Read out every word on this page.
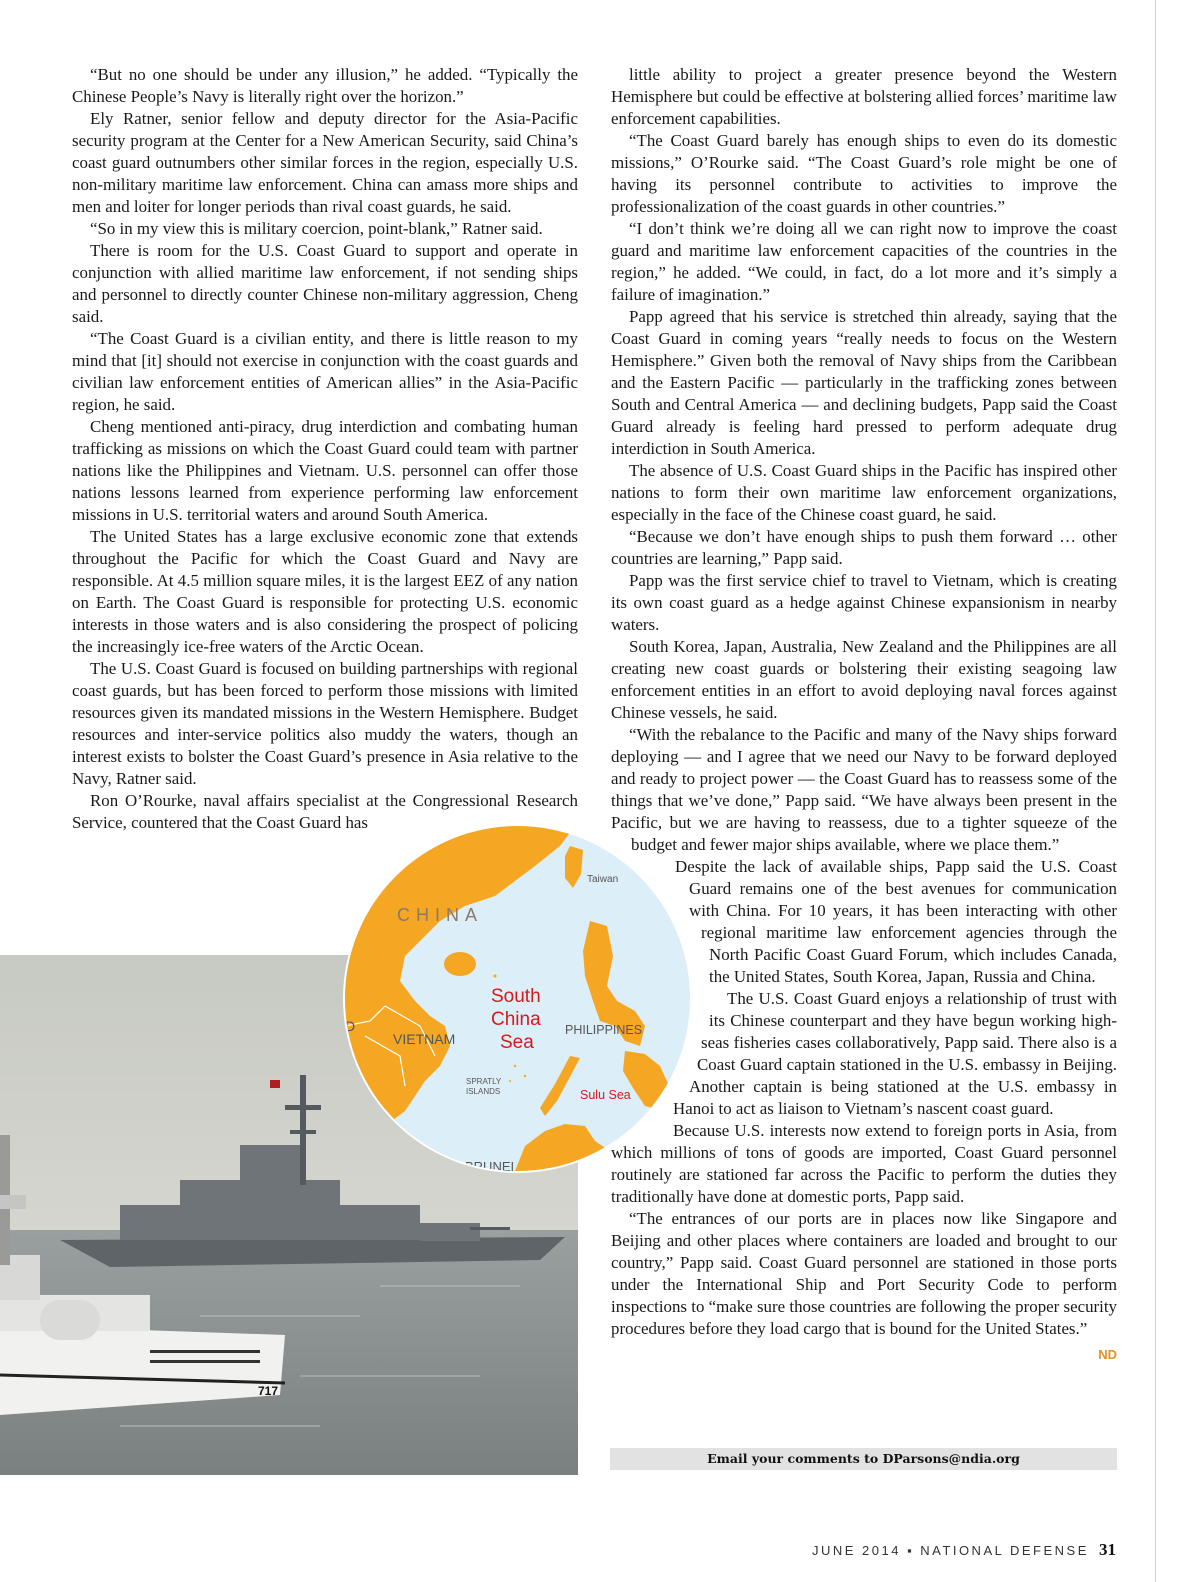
“But no one should be under any illusion,” he added. “Typically the Chinese People’s Navy is literally right over the horizon.”

Ely Ratner, senior fellow and deputy director for the Asia-Pacific security program at the Center for a New American Security, said China’s coast guard outnumbers other similar forces in the region, especially U.S. non-military maritime law enforcement. China can amass more ships and men and loiter for longer periods than rival coast guards, he said.

“So in my view this is military coercion, point-blank,” Ratner said.

There is room for the U.S. Coast Guard to support and operate in conjunction with allied maritime law enforcement, if not sending ships and personnel to directly counter Chinese non-military aggression, Cheng said.

“The Coast Guard is a civilian entity, and there is little reason to my mind that [it] should not exercise in conjunction with the coast guards and civilian law enforcement entities of American allies” in the Asia-Pacific region, he said.

Cheng mentioned anti-piracy, drug interdiction and combating human trafficking as missions on which the Coast Guard could team with partner nations like the Philippines and Vietnam. U.S. personnel can offer those nations lessons learned from experience performing law enforcement missions in U.S. territorial waters and around South America.

The United States has a large exclusive economic zone that extends throughout the Pacific for which the Coast Guard and Navy are responsible. At 4.5 million square miles, it is the largest EEZ of any nation on Earth. The Coast Guard is responsible for protecting U.S. economic interests in those waters and is also considering the prospect of policing the increasingly ice-free waters of the Arctic Ocean.

The U.S. Coast Guard is focused on building partnerships with regional coast guards, but has been forced to perform those missions with limited resources given its mandated missions in the Western Hemisphere. Budget resources and inter-service politics also muddy the waters, though an interest exists to bolster the Coast Guard’s presence in Asia relative to the Navy, Ratner said.

Ron O’Rourke, naval affairs specialist at the Congressional Research Service, countered that the Coast Guard has

little ability to project a greater presence beyond the Western Hemisphere but could be effective at bolstering allied forces’ maritime law enforcement capabilities.

“The Coast Guard barely has enough ships to even do its domestic missions,” O’Rourke said. “The Coast Guard’s role might be one of having its personnel contribute to activities to improve the professionalization of the coast guards in other countries.”

“I don’t think we’re doing all we can right now to improve the coast guard and maritime law enforcement capacities of the countries in the region,” he added. “We could, in fact, do a lot more and it’s simply a failure of imagination.”

Papp agreed that his service is stretched thin already, saying that the Coast Guard in coming years “really needs to focus on the Western Hemisphere.” Given both the removal of Navy ships from the Caribbean and the Eastern Pacific — particularly in the trafficking zones between South and Central America — and declining budgets, Papp said the Coast Guard already is feeling hard pressed to perform adequate drug interdiction in South America.

The absence of U.S. Coast Guard ships in the Pacific has inspired other nations to form their own maritime law enforcement organizations, especially in the face of the Chinese coast guard, he said.

“Because we don’t have enough ships to push them forward … other countries are learning,” Papp said.

Papp was the first service chief to travel to Vietnam, which is creating its own coast guard as a hedge against Chinese expansionism in nearby waters.

South Korea, Japan, Australia, New Zealand and the Philippines are all creating new coast guards or bolstering their existing seagoing law enforcement entities in an effort to avoid deploying naval forces against Chinese vessels, he said.

“With the rebalance to the Pacific and many of the Navy ships forward deploying — and I agree that we need our Navy to be forward deployed and ready to project power — the Coast Guard has to reassess some of the things that we’ve done,” Papp said. “We have always been present in the Pacific, but we are having to reassess, due to a tighter squeeze of the budget and fewer major ships available, where we place them.”

Despite the lack of available ships, Papp said the U.S. Coast Guard remains one of the best avenues for communication with China. For 10 years, it has been interacting with other regional maritime law enforcement agencies through the North Pacific Coast Guard Forum, which includes Canada, the United States, South Korea, Japan, Russia and China.

The U.S. Coast Guard enjoys a relationship of trust with its Chinese counterpart and they have begun working high-seas fisheries cases collaboratively, Papp said. There also is a Coast Guard captain stationed in the U.S. embassy in Beijing. Another captain is being stationed at the U.S. embassy in Hanoi to act as liaison to Vietnam’s nascent coast guard.

Because U.S. interests now extend to foreign ports in Asia, from which millions of tons of goods are imported, Coast Guard personnel routinely are stationed far across the Pacific to perform the duties they traditionally have done at domestic ports, Papp said.

“The entrances of our ports are in places now like Singapore and Beijing and other places where containers are loaded and brought to our country,” Papp said. Coast Guard personnel are stationed in those ports under the International Ship and Port Security Code to perform inspections to “make sure those countries are following the proper security procedures before they load cargo that is bound for the United States.”
ND

717
CHINA
Taiwan
South
China
Sea
VIETNAM
PHILIPPINES
SPRATLY
ISLANDS	Sulu Sea
BRUNEI
D
Email your comments to DParsons@ndia.org
JUNE 2014 ▪ NATIONAL DEFENSE 31
